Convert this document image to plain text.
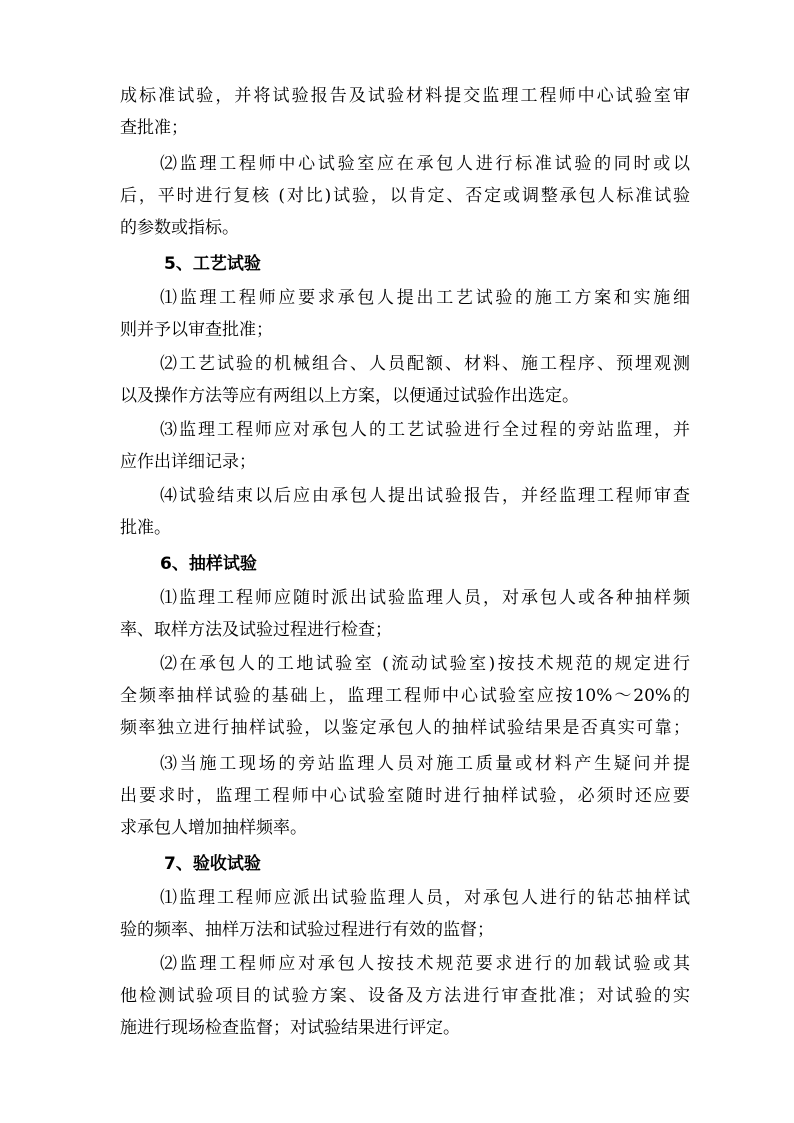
成标准试验，并将试验报告及试验材料提交监理工程师中心试验室审
查批准；
⑵监理工程师中心试验室应在承包人进行标准试验的同时或以
后，平时进行复核 (对比)试验，以肯定、否定或调整承包人标准试验
的参数或指标。
5、工艺试验
⑴监理工程师应要求承包人提出工艺试验的施工方案和实施细
则并予以审查批准；
⑵工艺试验的机械组合、人员配额、材料、施工程序、预埋观测
以及操作方法等应有两组以上方案，以便通过试验作出选定。
⑶监理工程师应对承包人的工艺试验进行全过程的旁站监理，并
应作出详细记录；
⑷试验结束以后应由承包人提出试验报告，并经监理工程师审查
批准。
6、抽样试验
⑴监理工程师应随时派出试验监理人员，对承包人或各种抽样频
率、取样方法及试验过程进行检查；
⑵在承包人的工地试验室 (流动试验室)按技术规范的规定进行
全频率抽样试验的基础上，监理工程师中心试验室应按10%～20%的
频率独立进行抽样试验，以鉴定承包人的抽样试验结果是否真实可靠；
⑶当施工现场的旁站监理人员对施工质量或材料产生疑问并提
出要求时，监理工程师中心试验室随时进行抽样试验，必须时还应要
求承包人增加抽样频率。
7、验收试验
⑴监理工程师应派出试验监理人员，对承包人进行的钻芯抽样试
验的频率、抽样万法和试验过程进行有效的监督；
⑵监理工程师应对承包人按技术规范要求进行的加载试验或其
他检测试验项目的试验方案、设备及方法进行审查批准；对试验的实
施进行现场检查监督；对试验结果进行评定。
